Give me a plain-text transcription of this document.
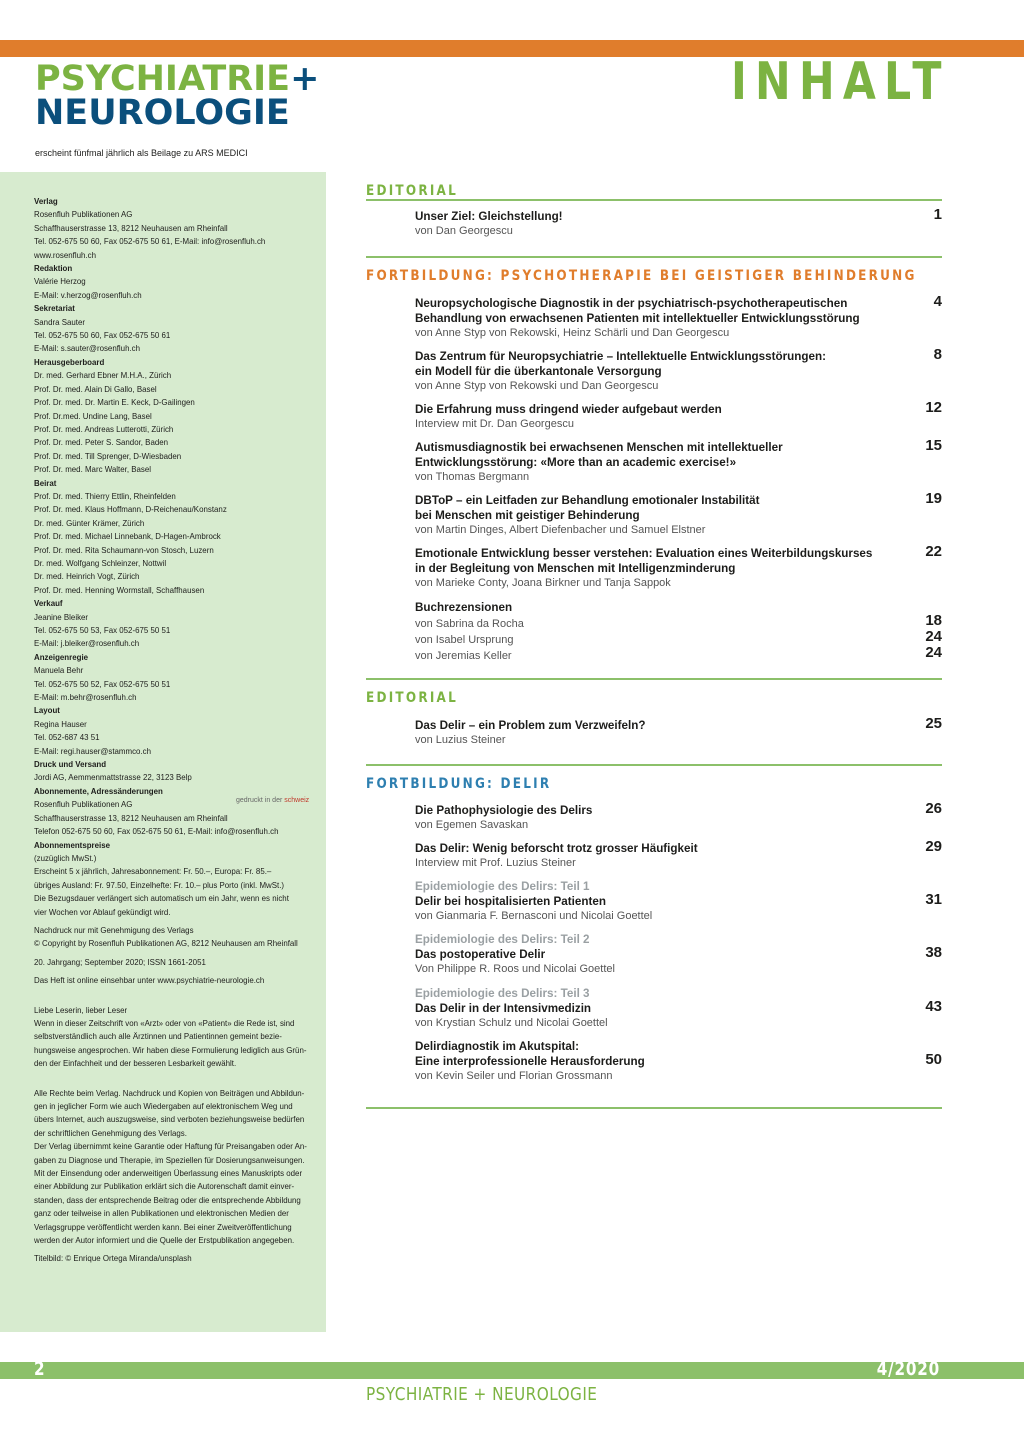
PSYCHIATRIE+
NEUROLOGIE
erscheint fünfmal jährlich als Beilage zu ARS MEDICI
INHALT

Verlag

Rosenfluh Publikationen AG

Schaffhauserstrasse 13, 8212 Neuhausen am Rheinfall

Tel. 052-675 50 60, Fax 052-675 50 61, E-Mail: info@rosenfluh.ch

www.rosenfluh.ch

Redaktion

Valérie Herzog

E-Mail: v.herzog@rosenfluh.ch

Sekretariat

Sandra Sauter

Tel. 052-675 50 60, Fax 052-675 50 61

E-Mail: s.sauter@rosenfluh.ch

Herausgeberboard

Dr. med. Gerhard Ebner M.H.A., Zürich

Prof. Dr. med. Alain Di Gallo, Basel

Prof. Dr. med. Dr. Martin E. Keck, D-Gailingen

Prof. Dr.med. Undine Lang, Basel

Prof. Dr. med. Andreas Lutterotti, Zürich

Prof. Dr. med. Peter S. Sandor, Baden

Prof. Dr. med. Till Sprenger, D-Wiesbaden

Prof. Dr. med. Marc Walter, Basel

Beirat

Prof. Dr. med. Thierry Ettlin, Rheinfelden

Prof. Dr. med. Klaus Hoffmann, D-Reichenau/Konstanz

Dr. med. Günter Krämer, Zürich

Prof. Dr. med. Michael Linnebank, D-Hagen-Ambrock

Prof. Dr. med. Rita Schaumann-von Stosch, Luzern

Dr. med. Wolfgang Schleinzer, Nottwil

Dr. med. Heinrich Vogt, Zürich

Prof. Dr. med. Henning Wormstall, Schaffhausen

Verkauf

Jeanine Bleiker

Tel. 052-675 50 53, Fax 052-675 50 51

E-Mail: j.bleiker@rosenfluh.ch

Anzeigenregie

Manuela Behr

Tel. 052-675 50 52, Fax 052-675 50 51

E-Mail: m.behr@rosenfluh.ch

Layout

Regina Hauser

Tel. 052-687 43 51

E-Mail: regi.hauser@stammco.ch

Druck und Versand

Jordi AG, Aemmenmattstrasse 22, 3123 Belp

Abonnemente, Adressänderungen

Rosenfluh Publikationen AG

Schaffhauserstrasse 13, 8212 Neuhausen am Rheinfall

Telefon 052-675 50 60, Fax 052-675 50 61, E-Mail: info@rosenfluh.ch

Abonnementspreise

(zuzüglich MwSt.)

Erscheint 5 x jährlich, Jahresabonnement: Fr. 50.–, Europa: Fr. 85.–

übriges Ausland: Fr. 97.50, Einzelhefte: Fr. 10.– plus Porto (inkl. MwSt.)

Die Bezugsdauer verlängert sich automatisch um ein Jahr, wenn es nicht

vier Wochen vor Ablauf gekündigt wird.

Nachdruck nur mit Genehmigung des Verlags

© Copyright by Rosenfluh Publikationen AG, 8212 Neuhausen am Rheinfall

20. Jahrgang; September 2020; ISSN 1661-2051

Das Heft ist online einsehbar unter www.psychiatrie-neurologie.ch

Liebe Leserin, lieber Leser

Wenn in dieser Zeitschrift von «Arzt» oder von «Patient» die Rede ist, sind

selbstverständlich auch alle Ärztinnen und Patientinnen gemeint bezie-

hungsweise angesprochen. Wir haben diese Formulierung lediglich aus Grün-

den der Einfachheit und der besseren Lesbarkeit gewählt.

Alle Rechte beim Verlag. Nachdruck und Kopien von Beiträgen und Abbildun-

gen in jeglicher Form wie auch Wiedergaben auf elektronischem Weg und

übers Internet, auch auszugsweise, sind verboten beziehungsweise bedürfen

der schriftlichen Genehmigung des Verlags.

Der Verlag übernimmt keine Garantie oder Haftung für Preisangaben oder An-

gaben zu Diagnose und Therapie, im Speziellen für Dosierungsanweisungen.

Mit der Einsendung oder anderweitigen Überlassung eines Manuskripts oder

einer Abbildung zur Publikation erklärt sich die Autorenschaft damit einver-

standen, dass der entsprechende Beitrag oder die entsprechende Abbildung

ganz oder teilweise in allen Publikationen und elektronischen Medien der

Verlagsgruppe veröffentlicht werden kann. Bei einer Zweitveröffentlichung

werden der Autor informiert und die Quelle der Erstpublikation angegeben.

Titelbild: © Enrique Ortega Miranda/unsplash

gedruckt in der schweiz
EDITORIAL
Unser Ziel: Gleichstellung!
von Dan Georgescu
1
FORTBILDUNG: PSYCHOTHERAPIE BEI GEISTIGER BEHINDERUNG
Neuropsychologische Diagnostik in der psychiatrisch-psychotherapeutischen
Behandlung von erwachsenen Patienten mit intellektueller Entwicklungsstörung
von Anne Styp von Rekowski, Heinz Schärli und Dan Georgescu
4
Das Zentrum für Neuropsychiatrie – Intellektuelle Entwicklungsstörungen:
ein Modell für die überkantonale Versorgung
von Anne Styp von Rekowski und Dan Georgescu
8
Die Erfahrung muss dringend wieder aufgebaut werden
Interview mit Dr. Dan Georgescu
12
Autismusdiagnostik bei erwachsenen Menschen mit intellektueller
Entwicklungsstörung: «More than an academic exercise!»
von Thomas Bergmann
15
DBToP – ein Leitfaden zur Behandlung emotionaler Instabilität
bei Menschen mit geistiger Behinderung
von Martin Dinges, Albert Diefenbacher und Samuel Elstner
19
Emotionale Entwicklung besser verstehen: Evaluation eines Weiterbildungskurses
in der Begleitung von Menschen mit Intelligenzminderung
von Marieke Conty, Joana Birkner und Tanja Sappok
22
Buchrezensionen
von Sabrina da Rocha
von Isabel Ursprung
von Jeremias Keller
18
24
24
EDITORIAL
Das Delir – ein Problem zum Verzweifeln?
von Luzius Steiner
25
FORTBILDUNG: DELIR
Die Pathophysiologie des Delirs
von Egemen Savaskan
26
Das Delir: Wenig beforscht trotz grosser Häufigkeit
Interview mit Prof. Luzius Steiner
29
Epidemiologie des Delirs: Teil 1
Delir bei hospitalisierten Patienten
von Gianmaria F. Bernasconi und Nicolai Goettel
31
Epidemiologie des Delirs: Teil 2
Das postoperative Delir
Von Philippe R. Roos und Nicolai Goettel
38
Epidemiologie des Delirs: Teil 3
Das Delir in der Intensivmedizin
von Krystian Schulz und Nicolai Goettel
43
Delirdiagnostik im Akutspital:
Eine interprofessionelle Herausforderung
von Kevin Seiler und Florian Grossmann
50
2	4/2020
PSYCHIATRIE + NEUROLOGIE
